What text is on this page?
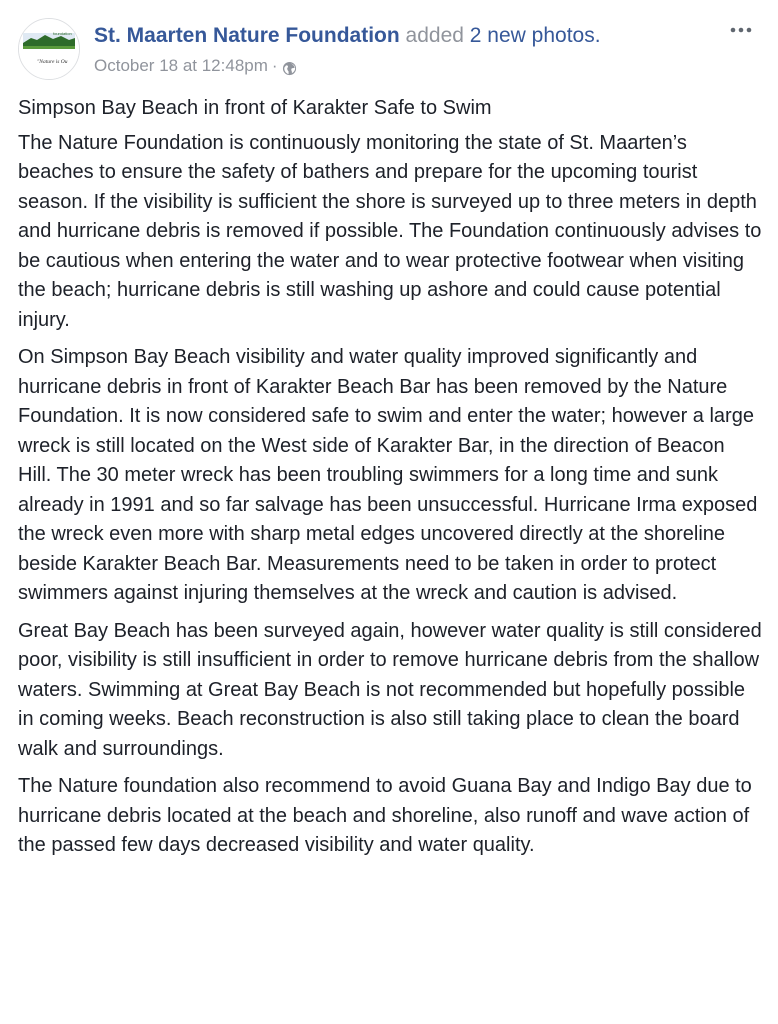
foundation
"Nature is Ou
St. Maarten Nature Foundation added 2 new photos.
October 18 at 12:48pm ·

Simpson Bay Beach in front of Karakter Safe to Swim

The Nature Foundation is continuously monitoring the state of St. Maarten’s beaches to ensure the safety of bathers and prepare for the upcoming tourist season. If the visibility is sufficient the shore is surveyed up to three meters in depth and hurricane debris is removed if possible. The Foundation continuously advises to be cautious when entering the water and to wear protective footwear when visiting the beach; hurricane debris is still washing up ashore and could cause potential injury.

On Simpson Bay Beach visibility and water quality improved significantly and hurricane debris in front of Karakter Beach Bar has been removed by the Nature Foundation. It is now considered safe to swim and enter the water; however a large wreck is still located on the West side of Karakter Bar, in the direction of Beacon Hill. The 30 meter wreck has been troubling swimmers for a long time and sunk already in 1991 and so far salvage has been unsuccessful. Hurricane Irma exposed the wreck even more with sharp metal edges uncovered directly at the shoreline beside Karakter Beach Bar. Measurements need to be taken in order to protect swimmers against injuring themselves at the wreck and caution is advised.

Great Bay Beach has been surveyed again, however water quality is still considered poor, visibility is still insufficient in order to remove hurricane debris from the shallow waters. Swimming at Great Bay Beach is not recommended but hopefully possible in coming weeks. Beach reconstruction is also still taking place to clean the board walk and surroundings.

The Nature foundation also recommend to avoid Guana Bay and Indigo Bay due to hurricane debris located at the beach and shoreline, also runoff and wave action of the passed few days decreased visibility and water quality.
